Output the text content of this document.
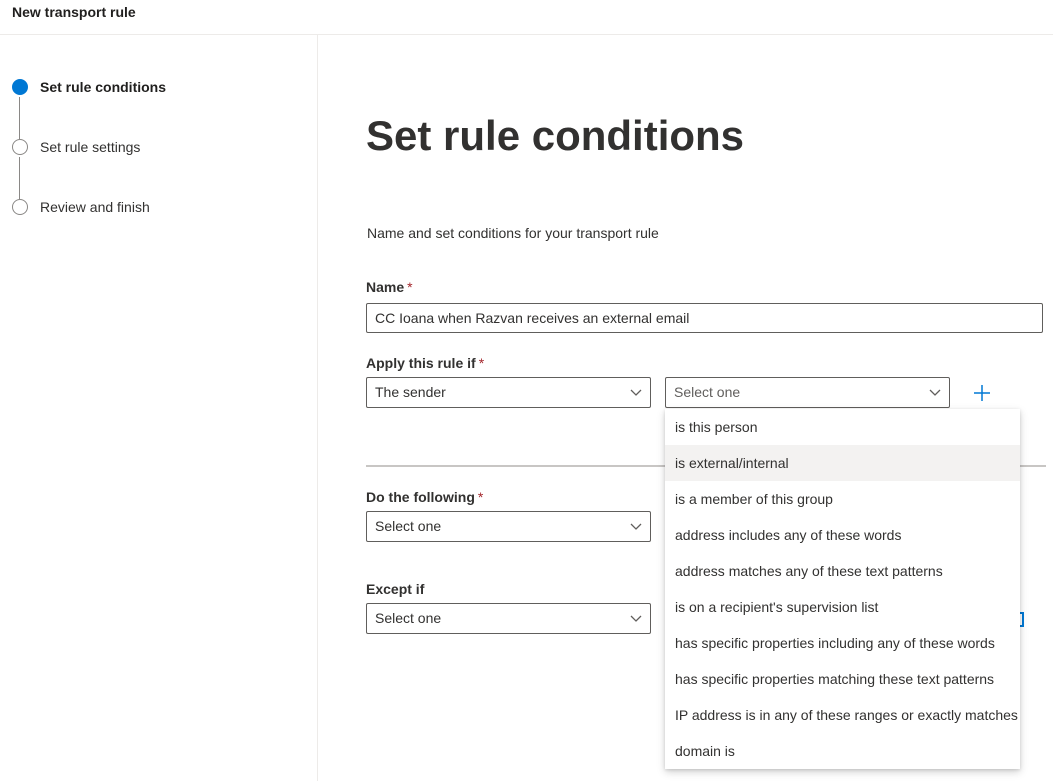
New transport rule
Set rule conditions
Set rule settings
Review and finish
Set rule conditions
Name and set conditions for your transport rule
Name *
CC Ioana when Razvan receives an external email
Apply this rule if *
The sender	Select one
Do the following *
Select one
Except if
Select one
is this person
is external/internal
is a member of this group
address includes any of these words
address matches any of these text patterns
is on a recipient's supervision list
has specific properties including any of these words
has specific properties matching these text patterns
IP address is in any of these ranges or exactly matches
domain is
